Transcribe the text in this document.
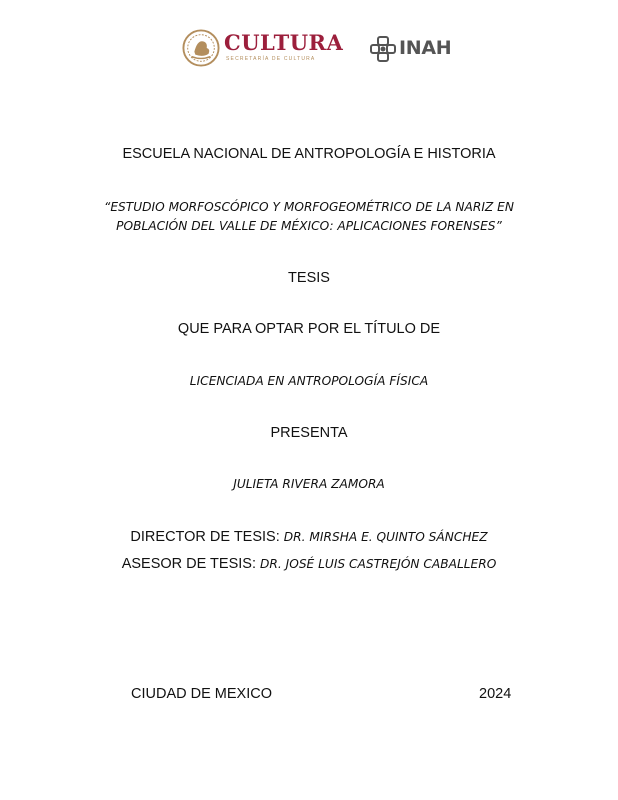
CULTURA
SECRETARÍA DE CULTURA	INAH
ESCUELA NACIONAL DE ANTROPOLOGÍA E HISTORIA
“ESTUDIO MORFOSCÓPICO Y MORFOGEOMÉTRICO DE LA NARIZ EN
POBLACIÓN DEL VALLE DE MÉXICO: APLICACIONES FORENSES”
TESIS
QUE PARA OPTAR POR EL TÍTULO DE
LICENCIADA EN ANTROPOLOGÍA FÍSICA
PRESENTA
JULIETA RIVERA ZAMORA
DIRECTOR DE TESIS: DR. MIRSHA E. QUINTO SÁNCHEZ
ASESOR DE TESIS: DR. JOSÉ LUIS CASTREJÓN CABALLERO
CIUDAD DE MEXICO	2024
